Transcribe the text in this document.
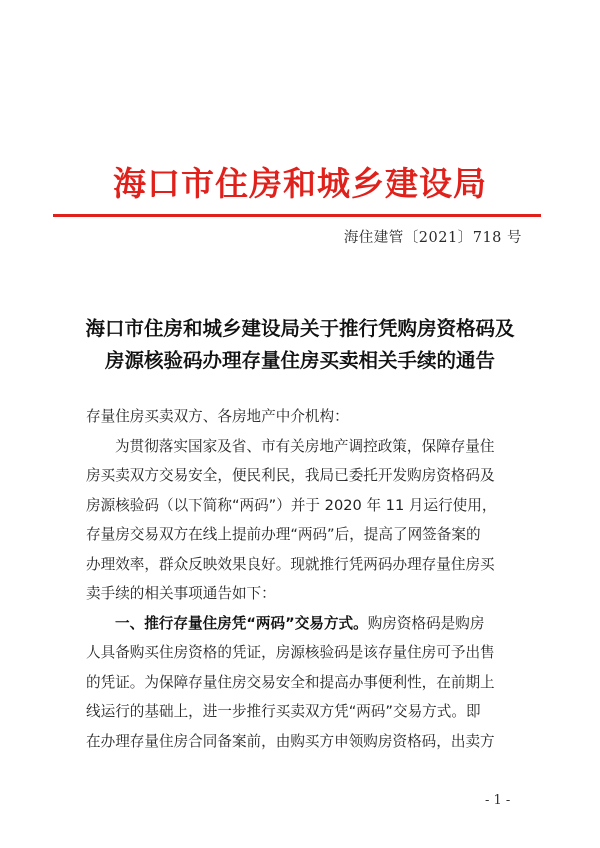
海口市住房和城乡建设局
海住建管〔2021〕718 号
海口市住房和城乡建设局关于推行凭购房资格码及
房源核验码办理存量住房买卖相关手续的通告
存量住房买卖双方、各房地产中介机构：
为贯彻落实国家及省、市有关房地产调控政策，保障存量住
房买卖双方交易安全，便民利民，我局已委托开发购房资格码及
房源核验码（以下简称“两码”）并于 2020 年 11 月运行使用，
存量房交易双方在线上提前办理“两码”后，提高了网签备案的
办理效率，群众反映效果良好。现就推行凭两码办理存量住房买
卖手续的相关事项通告如下：
一、推行存量住房凭“两码”交易方式。购房资格码是购房
人具备购买住房资格的凭证，房源核验码是该存量住房可予出售
的凭证。为保障存量住房交易安全和提高办事便利性，在前期上
线运行的基础上，进一步推行买卖双方凭“两码”交易方式。即
在办理存量住房合同备案前，由购买方申领购房资格码，出卖方
- 1 -
